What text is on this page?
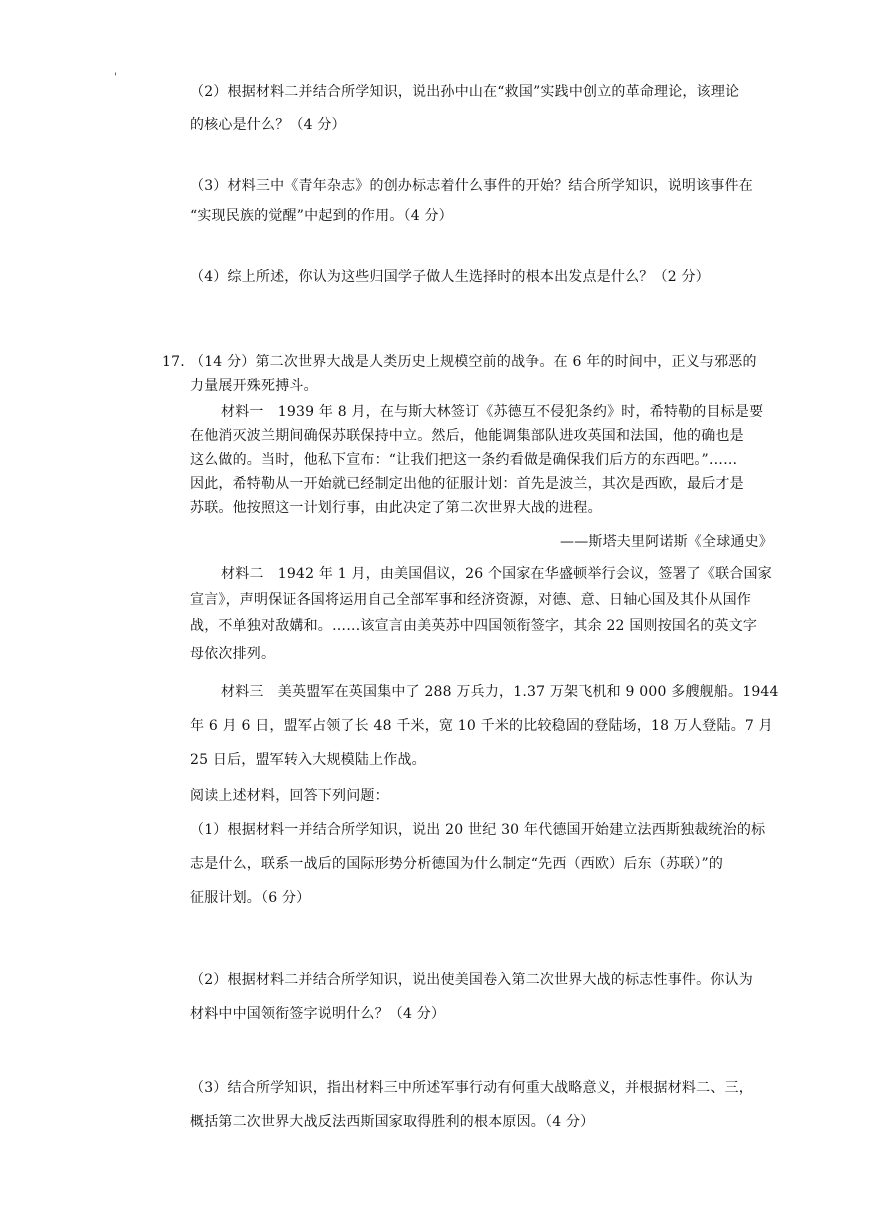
'
（2）根据材料二并结合所学知识，说出孙中山在“救国”实践中创立的革命理论，该理论
的核心是什么？（4 分）
（3）材料三中《青年杂志》的创办标志着什么事件的开始？结合所学知识，说明该事件在
“实现民族的觉醒”中起到的作用。（4 分）
（4）综上所述，你认为这些归国学子做人生选择时的根本出发点是什么？（2 分）
17. （14 分）第二次世界大战是人类历史上规模空前的战争。在 6 年的时间中，正义与邪恶的
力量展开殊死搏斗。
材料一　1939 年 8 月，在与斯大林签订《苏德互不侵犯条约》时，希特勒的目标是要
在他消灭波兰期间确保苏联保持中立。然后，他能调集部队进攻英国和法国，他的确也是
这么做的。当时，他私下宣布：“让我们把这一条约看做是确保我们后方的东西吧。”……
因此，希特勒从一开始就已经制定出他的征服计划：首先是波兰，其次是西欧，最后才是
苏联。他按照这一计划行事，由此决定了第二次世界大战的进程。
——斯塔夫里阿诺斯《全球通史》
材料二　1942 年 1 月，由美国倡议，26 个国家在华盛顿举行会议，签署了《联合国家
宣言》，声明保证各国将运用自己全部军事和经济资源，对德、意、日轴心国及其仆从国作
战，不单独对敌媾和。……该宣言由美英苏中四国领衔签字，其余 22 国则按国名的英文字
母依次排列。
材料三　美英盟军在英国集中了 288 万兵力，1.37 万架飞机和 9 000 多艘舰船。1944
年 6 月 6 日，盟军占领了长 48 千米，宽 10 千米的比较稳固的登陆场，18 万人登陆。7 月
25 日后，盟军转入大规模陆上作战。
阅读上述材料，回答下列问题：
（1）根据材料一并结合所学知识，说出 20 世纪 30 年代德国开始建立法西斯独裁统治的标
志是什么，联系一战后的国际形势分析德国为什么制定“先西（西欧）后东（苏联）”的
征服计划。（6 分）
（2）根据材料二并结合所学知识，说出使美国卷入第二次世界大战的标志性事件。你认为
材料中中国领衔签字说明什么？（4 分）
（3）结合所学知识，指出材料三中所述军事行动有何重大战略意义，并根据材料二、三，
概括第二次世界大战反法西斯国家取得胜利的根本原因。（4 分）
